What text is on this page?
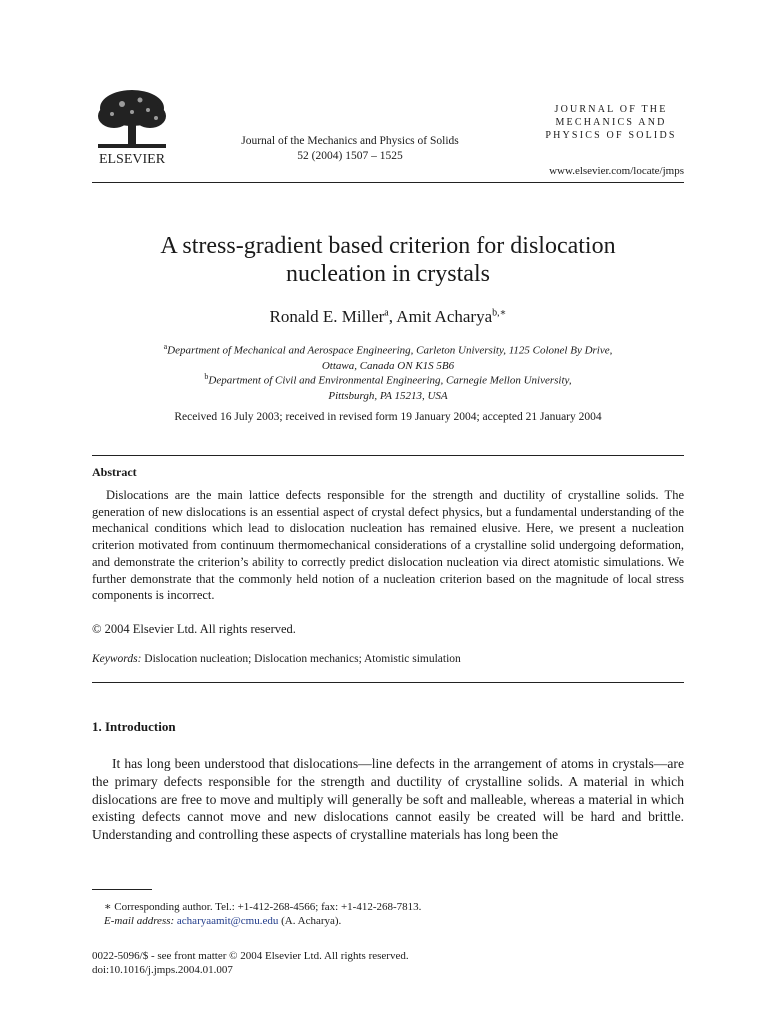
ELSEVIER
Journal of the Mechanics and Physics of Solids
52 (2004) 1507 – 1525
JOURNAL OF THE
MECHANICS AND
PHYSICS OF SOLIDS
www.elsevier.com/locate/jmps
A stress-gradient based criterion for dislocation
nucleation in crystals
Ronald E. Miller$^a$, Amit Acharya$^{b,∗}$
$^a$Department of Mechanical and Aerospace Engineering, Carleton University, 1125 Colonel By Drive,
Ottawa, Canada ON K1S 5B6
$^b$Department of Civil and Environmental Engineering, Carnegie Mellon University,
Pittsburgh, PA 15213, USA
Received 16 July 2003; received in revised form 19 January 2004; accepted 21 January 2004
Abstract
Dislocations are the main lattice defects responsible for the strength and ductility of crystalline solids. The generation of new dislocations is an essential aspect of crystal defect physics, but a fundamental understanding of the mechanical conditions which lead to dislocation nucleation has remained elusive. Here, we present a nucleation criterion motivated from continuum thermomechanical considerations of a crystalline solid undergoing deformation, and demonstrate the criterion’s ability to correctly predict dislocation nucleation via direct atomistic simulations. We further demonstrate that the commonly held notion of a nucleation criterion based on the magnitude of local stress components is incorrect.
© 2004 Elsevier Ltd. All rights reserved.
Keywords: Dislocation nucleation; Dislocation mechanics; Atomistic simulation
1. Introduction
It has long been understood that dislocations—line defects in the arrangement of atoms in crystals—are the primary defects responsible for the strength and ductility of crystalline solids. A material in which dislocations are free to move and multiply will generally be soft and malleable, whereas a material in which existing defects cannot move and new dislocations cannot easily be created will be hard and brittle. Understanding and controlling these aspects of crystalline materials has long been the
∗ Corresponding author. Tel.: +1-412-268-4566; fax: +1-412-268-7813.
E-mail address: acharyaamit@cmu.edu (A. Acharya).
0022-5096/$ - see front matter © 2004 Elsevier Ltd. All rights reserved.
doi:10.1016/j.jmps.2004.01.007
